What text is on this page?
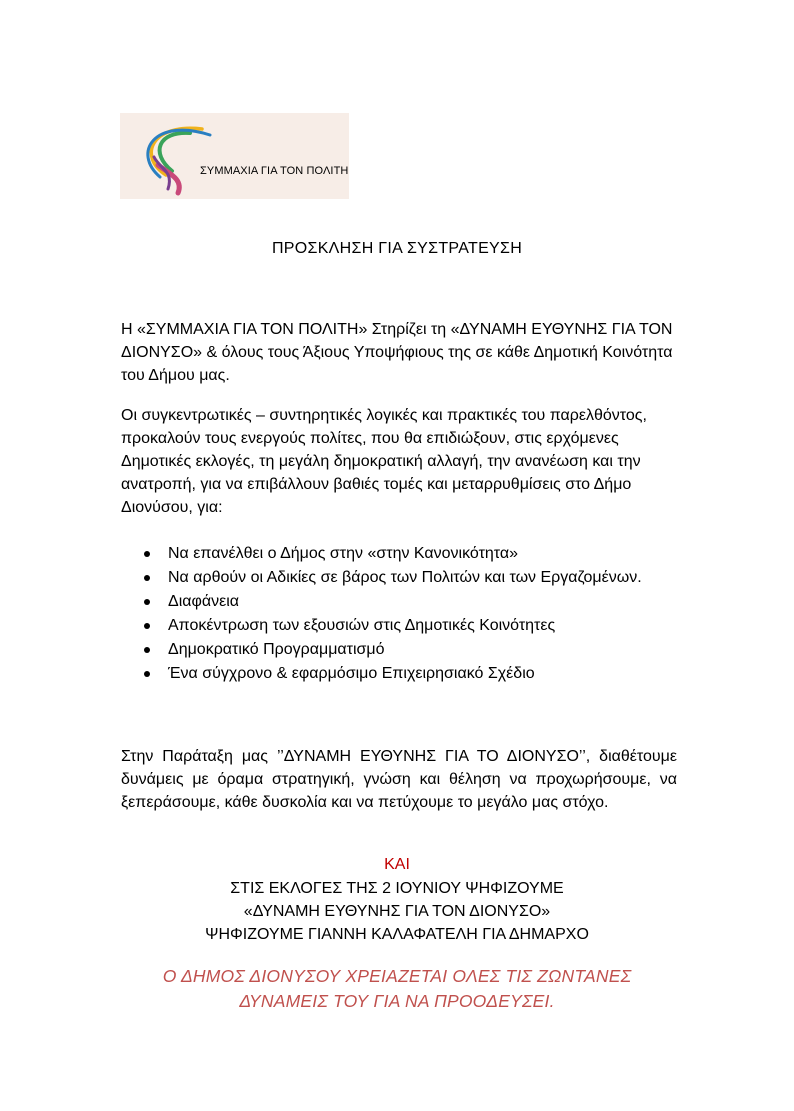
ΣΥΜΜΑΧΙΑ ΓΙΑ ΤΟΝ ΠΟΛΙΤΗ
ΠΡΟΣΚΛΗΣΗ ΓΙΑ ΣΥΣΤΡΑΤΕΥΣΗ

Η «ΣΥΜΜΑΧΙΑ ΓΙΑ ΤΟΝ ΠΟΛΙΤΗ» Στηρίζει τη «ΔΥΝΑΜΗ ΕΥΘΥΝΗΣ ΓΙΑ ΤΟΝ ΔΙΟΝΥΣΟ» & όλους τους Άξιους Υποψήφιους της σε κάθε Δημοτική Κοινότητα του Δήμου μας.

Οι συγκεντρωτικές – συντηρητικές λογικές και πρακτικές του παρελθόντος, προκαλούν τους ενεργούς πολίτες, που θα επιδιώξουν, στις ερχόμενες Δημοτικές εκλογές, τη μεγάλη δημοκρατική αλλαγή, την ανανέωση και την ανατροπή, για να επιβάλλουν βαθιές τομές και μεταρρυθμίσεις στο Δήμο Διονύσου, για:

Να επανέλθει ο Δήμος στην «στην Κανονικότητα»
Να αρθούν οι Αδικίες σε βάρος των Πολιτών και των Εργαζομένων.
Διαφάνεια
Αποκέντρωση των εξουσιών στις Δημοτικές Κοινότητες
Δημοκρατικό Προγραμματισμό
Ένα σύγχρονο & εφαρμόσιμο Επιχειρησιακό Σχέδιο

Στην Παράταξη μας ’’ΔΥΝΑΜΗ ΕΥΘΥΝΗΣ ΓΙΑ ΤΟ ΔΙΟΝΥΣΟ’’, διαθέτουμε δυνάμεις με όραμα στρατηγική, γνώση και θέληση να προχωρήσουμε, να ξεπεράσουμε, κάθε δυσκολία και να πετύχουμε το μεγάλο μας στόχο.

ΚΑΙ
ΣΤΙΣ ΕΚΛΟΓΕΣ ΤΗΣ 2 ΙΟΥΝΙΟΥ ΨΗΦΙΖΟΥΜΕ
«ΔΥΝΑΜΗ ΕΥΘΥΝΗΣ ΓΙΑ ΤΟΝ ΔΙΟΝΥΣΟ»
ΨΗΦΙΖΟΥΜΕ ΓΙΑΝΝΗ ΚΑΛΑΦΑΤΕΛΗ ΓΙΑ ΔΗΜΑΡΧΟ
Ο ΔΗΜΟΣ ΔΙΟΝΥΣΟΥ ΧΡΕΙΑΖΕΤΑΙ ΟΛΕΣ ΤΙΣ ΖΩΝΤΑΝΕΣ
ΔΥΝΑΜΕΙΣ ΤΟΥ ΓΙΑ ΝΑ ΠΡΟΟΔΕΥΣΕΙ.
